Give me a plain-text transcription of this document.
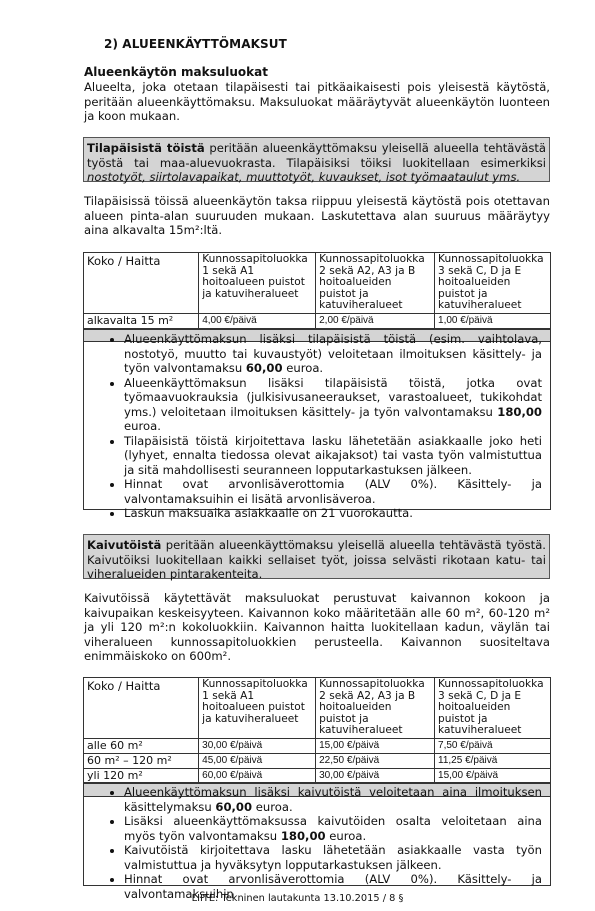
2) ALUEENKÄYTTÖMAKSUT
Alueenkäytön maksuluokat
Alueelta, joka otetaan tilapäisesti tai pitkäaikaisesti pois yleisestä käytöstä, peritään alueenkäyttömaksu. Maksuluokat määräytyvät alueenkäytön luonteen ja koon mukaan.
Tilapäisistä töistä peritään alueenkäyttömaksu yleisellä alueella tehtävästä työstä tai maa-aluevuokrasta. Tilapäisiksi töiksi luokitellaan esimerkiksi nostotyöt, siirtolavapaikat, muuttotyöt, kuvaukset, isot työmaataulut yms.
Tilapäisissä töissä alueenkäytön taksa riippuu yleisestä käytöstä pois otettavan alueen pinta-alan suuruuden mukaan. Laskutettava alan suuruus määräytyy aina alkavalta 15m²:ltä.
Koko / Haitta	Kunnossapitoluokka 1 sekä A1 hoitoalueen puistot ja katuviheralueet	Kunnossapitoluokka 2 sekä A2, A3 ja B hoitoalueiden puistot ja katuviheralueet	Kunnossapitoluokka 3 sekä C, D ja E hoitoalueiden puistot ja katuviheralueet
alkavalta 15 m²	4,00 €/päivä	2,00 €/päivä	1,00 €/päivä

• Alueenkäyttömaksun lisäksi tilapäisistä töistä (esim. vaihtolava, nostotyö, muutto tai kuvaustyöt) veloitetaan ilmoituksen käsittely- ja työn valvontamaksu 60,00 euroa.
• Alueenkäyttömaksun lisäksi tilapäisistä töistä, jotka ovat työmaavuokrauksia (julkisivusaneeraukset, varastoalueet, tukikohdat yms.) veloitetaan ilmoituksen käsittely- ja työn valvontamaksu 180,00 euroa.
• Tilapäisistä töistä kirjoitettava lasku lähetetään asiakkaalle joko heti (lyhyet, ennalta tiedossa olevat aikajaksot) tai vasta työn valmistuttua ja sitä mahdollisesti seuranneen lopputarkastuksen jälkeen.
• Hinnat ovat arvonlisäverottomia (ALV 0%). Käsittely- ja valvontamaksuihin ei lisätä arvonlisäveroa.
• Laskun maksuaika asiakkaalle on 21 vuorokautta.
Kaivutöistä peritään alueenkäyttömaksu yleisellä alueella tehtävästä työstä. Kaivutöiksi luokitellaan kaikki sellaiset työt, joissa selvästi rikotaan katu- tai viheralueiden pintarakenteita.
Kaivutöissä käytettävät maksuluokat perustuvat kaivannon kokoon ja kaivupaikan keskeisyyteen. Kaivannon koko määritetään alle 60 m², 60-120 m² ja yli 120 m²:n kokoluokkiin. Kaivannon haitta luokitellaan kadun, väylän tai viheralueen kunnossapitoluokkien perusteella. Kaivannon suositeltava enimmäiskoko on 600m².
Koko / Haitta	Kunnossapitoluokka 1 sekä A1 hoitoalueen puistot ja katuviheralueet	Kunnossapitoluokka 2 sekä A2, A3 ja B hoitoalueiden puistot ja katuviheralueet	Kunnossapitoluokka 3 sekä C, D ja E hoitoalueiden puistot ja katuviheralueet
alle 60 m²	30,00 €/päivä	15,00 €/päivä	7,50 €/päivä
60 m² – 120 m²	45,00 €/päivä	22,50 €/päivä	11,25 €/päivä
yli 120 m²	60,00 €/päivä	30,00 €/päivä	15,00 €/päivä

• Alueenkäyttömaksun lisäksi kaivutöistä veloitetaan aina ilmoituksen käsittelymaksu 60,00 euroa.
• Lisäksi alueenkäyttömaksussa kaivutöiden osalta veloitetaan aina myös työn valvontamaksu 180,00 euroa.
• Kaivutöistä kirjoitettava lasku lähetetään asiakkaalle vasta työn valmistuttua ja hyväksytyn lopputarkastuksen jälkeen.
• Hinnat ovat arvonlisäverottomia (ALV 0%). Käsittely- ja valvontamaksuihin
LIITE: Tekninen lautakunta 13.10.2015 / 8 §
